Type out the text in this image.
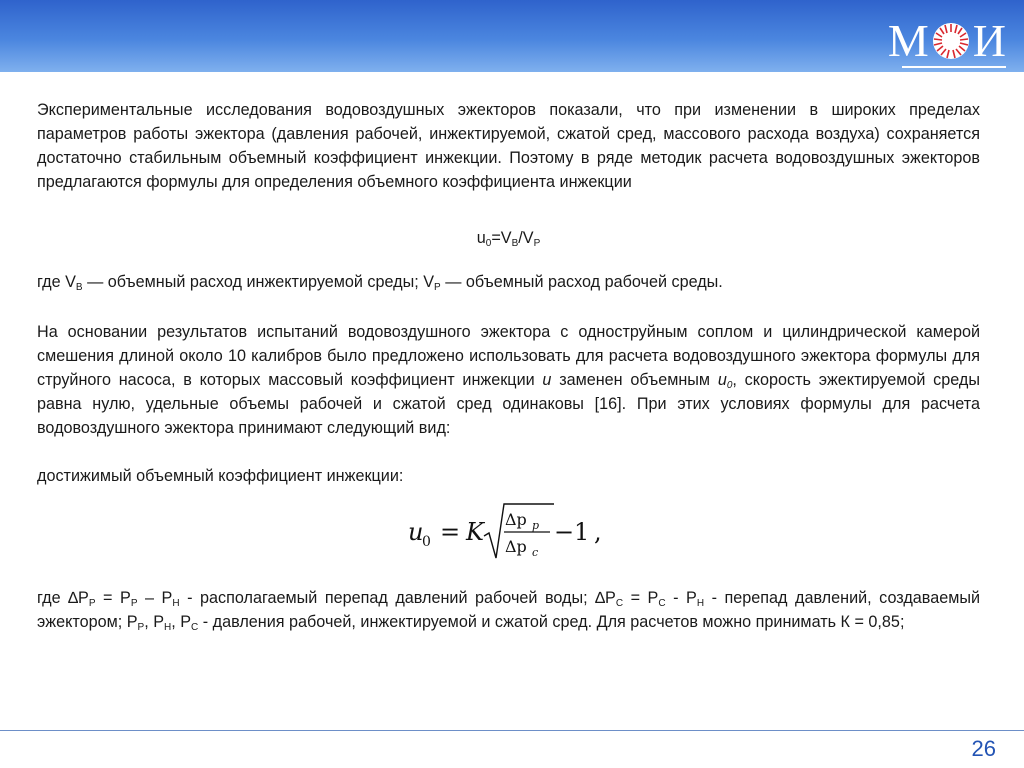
М И

Экспериментальные исследования водовоздушных эжекторов показали, что при изменении в широких пределах параметров работы эжектора (давления рабочей, инжектируемой, сжатой сред, массового расхода воздуха) сохраняется достаточно стабильным объемный коэффициент инжекции. Поэтому в ряде методик расчета водовоздушных эжекторов предлагаются формулы для определения объемного коэффициента инжекции

$u_0=V_B/V_P$

где $V_B$ — объемный расход инжектируемой среды; $V_P$ — объемный расход рабочей среды.

На основании результатов испытаний водовоздушного эжектора с одноструйным соплом и цилиндрической камерой смешения длиной около 10 калибров было предложено использовать для расчета водовоздушного эжектора формулы для струйного насоса, в которых массовый коэффициент инжекции u заменен объемным $u_0$, скорость эжектируемой среды равна нулю, удельные объемы рабочей и сжатой сред одинаковы [16]. При этих условиях формулы для расчета водовоздушного эжектора принимают следующий вид:

достижимый объемный коэффициент инжекции:

u
0 = K Δp p
Δp c
− 1 ,

где $\Delta P_P = P_P - P_H$ - располагаемый перепад давлений рабочей воды; $\Delta P_C = P_C - P_H$ - перепад давлений, создаваемый эжектором; $P_P$, $P_H$, $P_C$ - давления рабочей, инжектируемой и сжатой сред. Для расчетов можно принимать К = 0,85;

26
